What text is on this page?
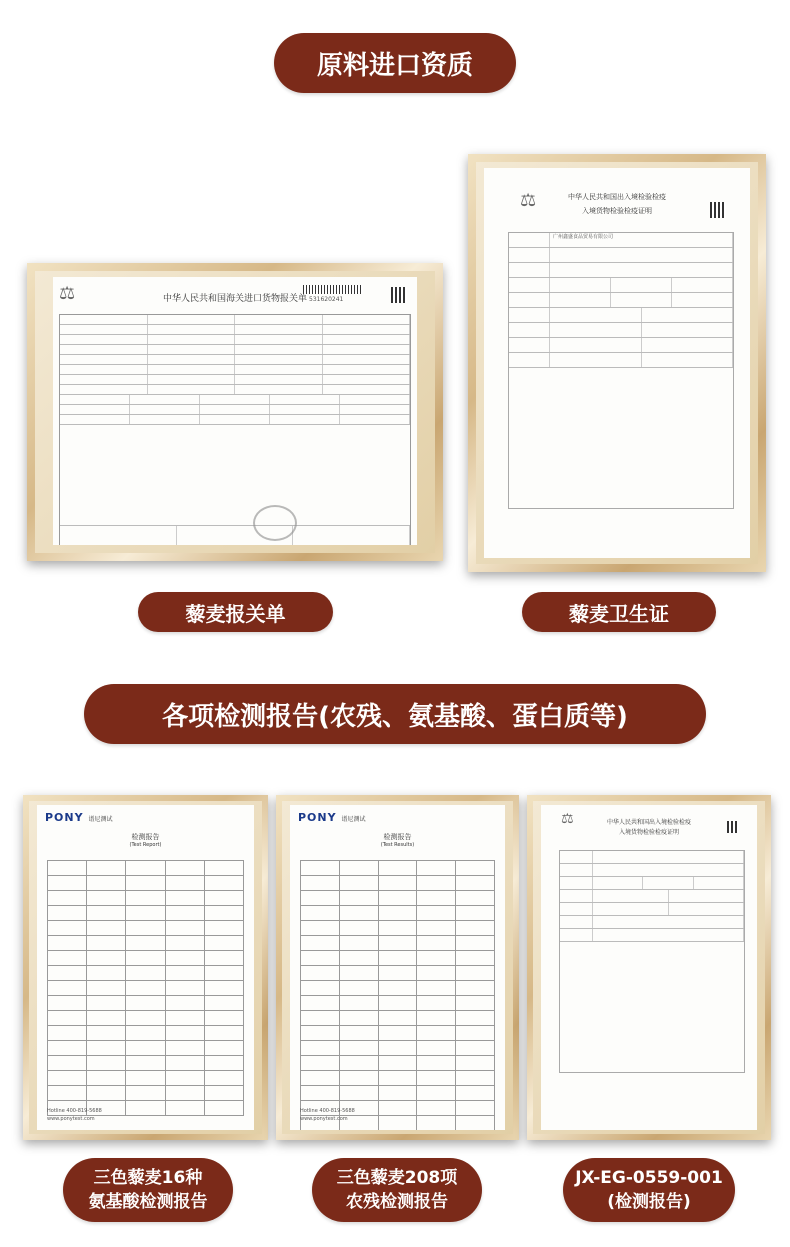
原料进口资质
⚖	中华人民共和国海关进口货物报关单 531620241
⚖	中华人民共和国出入境检验检疫
入境货物检验检疫证明
广州鑫盛食品贸易有限公司
藜麦报关单	藜麦卫生证
各项检测报告(农残、氨基酸、蛋白质等)
PONY 谱尼测试
检测报告
(Test Report)

Hotline 400-819-5688
www.ponytest.com
PONY 谱尼测试
检测报告
(Test Results)

Hotline 400-819-5688
www.ponytest.com
⚖	中华人民共和国出入境检验检疫
入境货物检验检疫证明
三色藜麦16种
氨基酸检测报告
三色藜麦208项
农残检测报告
JX-EG-0559-001
(检测报告)
